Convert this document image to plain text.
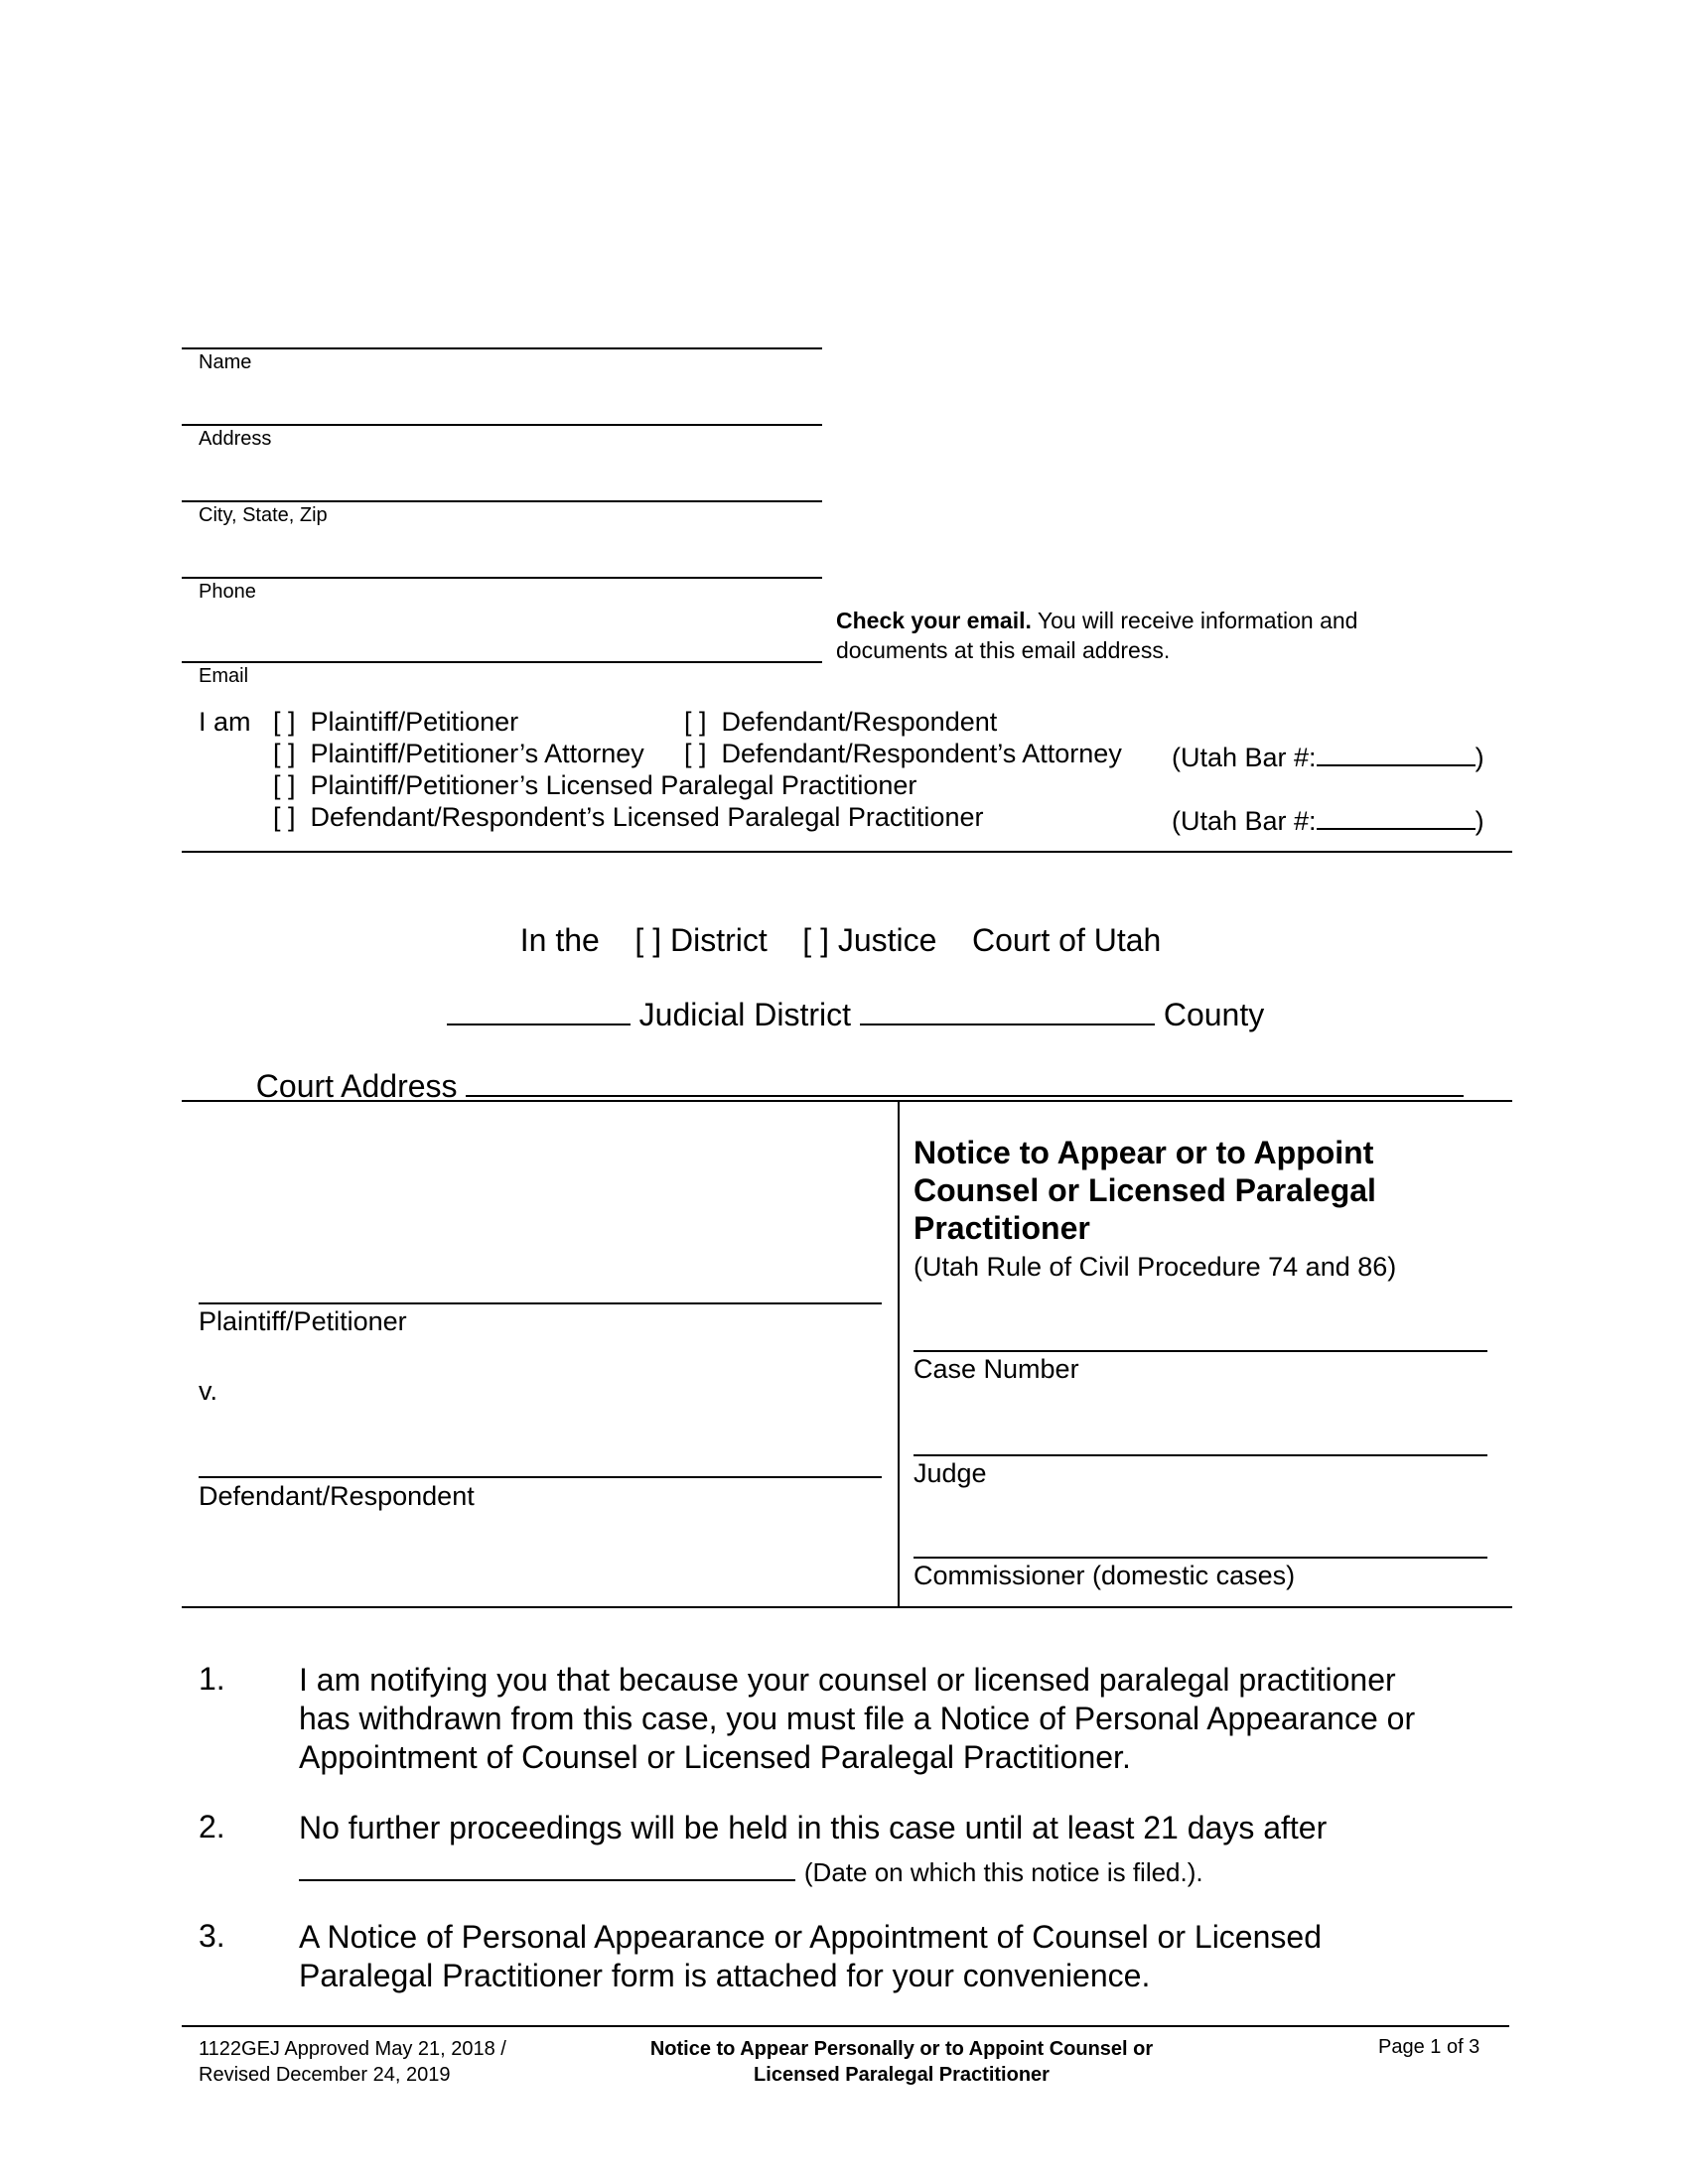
Name
Address
City, State, Zip
Phone
Email
Check your email. You will receive information and
documents at this email address.
I am [ ] Plaintiff/Petitioner	[ ] Defendant/Respondent
[ ] Plaintiff/Petitioner’s Attorney [ ] Defendant/Respondent’s Attorney (Utah Bar #:	)
[ ] Plaintiff/Petitioner’s Licensed Paralegal Practitioner
[ ] Defendant/Respondent’s Licensed Paralegal Practitioner	(Utah Bar #:	)

In the [ ] District [ ] Justice Court of Utah

Judicial District	County

Court Address

Plaintiff/Petitioner
v.
Defendant/Respondent
Notice to Appear or to Appoint
Counsel or Licensed Paralegal
Practitioner
(Utah Rule of Civil Procedure 74 and 86)
Case Number
Judge
Commissioner (domestic cases)
1. I am notifying you that because your counsel or licensed paralegal practitioner
has withdrawn from this case, you must file a Notice of Personal Appearance or
Appointment of Counsel or Licensed Paralegal Practitioner.
2. No further proceedings will be held in this case until at least 21 days after
(Date on which this notice is filed.).
3. A Notice of Personal Appearance or Appointment of Counsel or Licensed
Paralegal Practitioner form is attached for your convenience.
1122GEJ Approved May 21, 2018 /
Revised December 24, 2019
Notice to Appear Personally or to Appoint Counsel or
Licensed Paralegal Practitioner
Page 1 of 3
